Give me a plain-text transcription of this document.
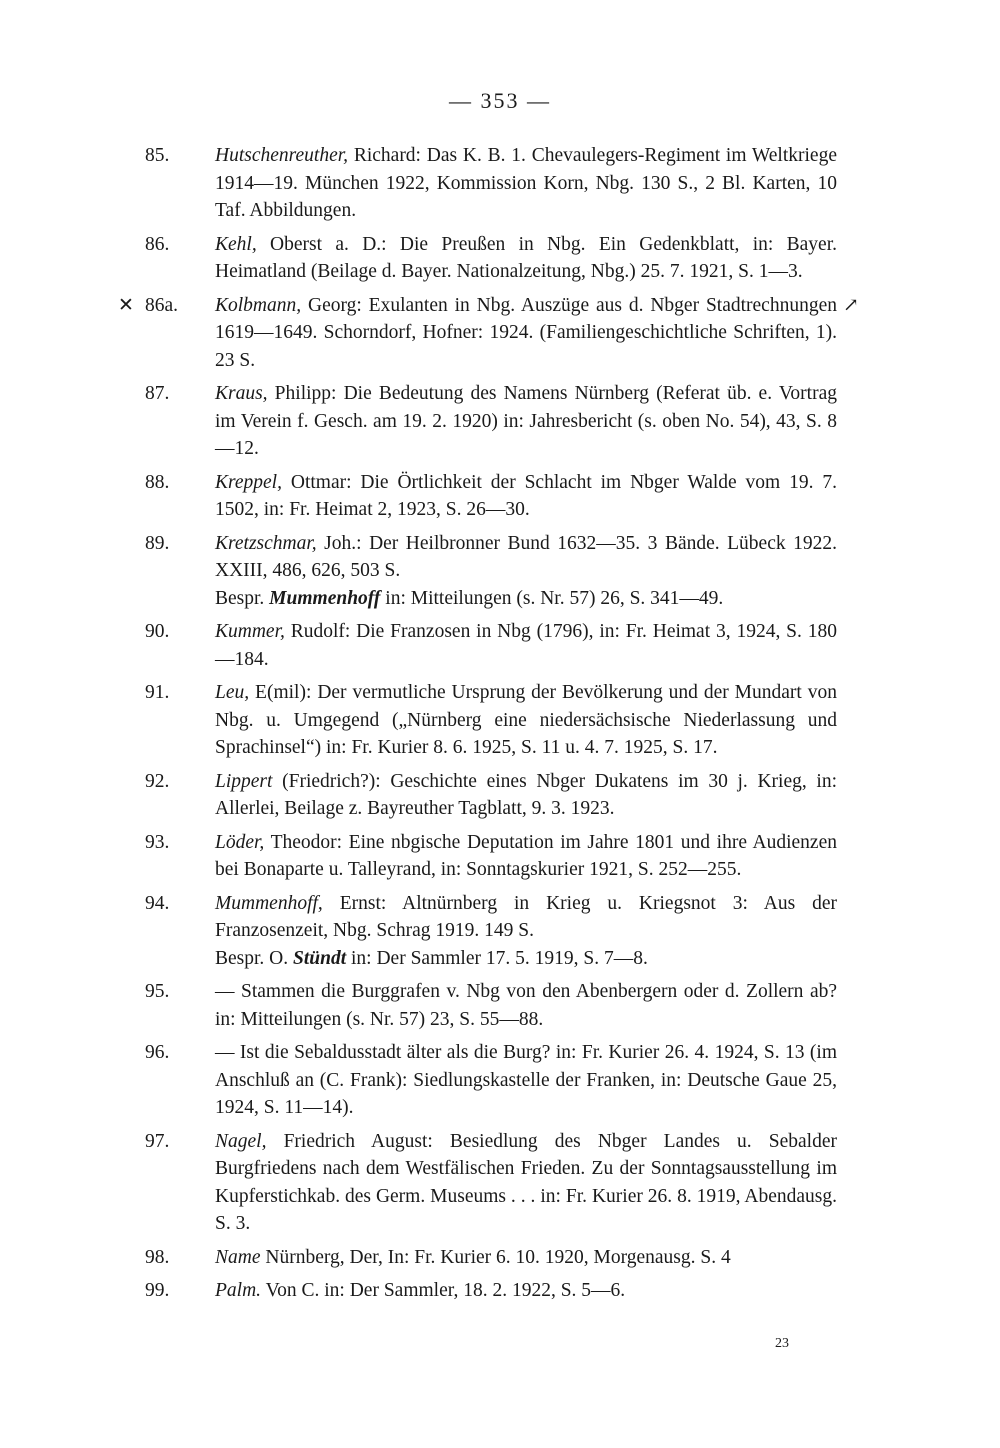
— 353 —
85. Hutschenreuther, Richard: Das K. B. 1. Chevaulegers-Regiment im Weltkriege 1914—19. München 1922, Kommission Korn, Nbg. 130 S., 2 Bl. Karten, 10 Taf. Abbildungen.
86. Kehl, Oberst a. D.: Die Preußen in Nbg. Ein Gedenkblatt, in: Bayer. Heimatland (Beilage d. Bayer. Nationalzeitung, Nbg.) 25. 7. 1921, S. 1—3.
✕ 86a.	↗
Kolbmann, Georg: Exulanten in Nbg. Auszüge aus d. Nbger Stadtrechnungen 1619—1649. Schorndorf, Hofner: 1924. (Familiengeschichtliche Schriften, 1). 23 S.
87. Kraus, Philipp: Die Bedeutung des Namens Nürnberg (Referat üb. e. Vortrag im Verein f. Gesch. am 19. 2. 1920) in: Jahresbericht (s. oben No. 54), 43, S. 8—12.
88. Kreppel, Ottmar: Die Örtlichkeit der Schlacht im Nbger Walde vom 19. 7. 1502, in: Fr. Heimat 2, 1923, S. 26—30.
89. Kretzschmar, Joh.: Der Heilbronner Bund 1632—35. 3 Bände. Lübeck 1922. XXIII, 486, 626, 503 S.
Bespr. Mummenhoff in: Mitteilungen (s. Nr. 57) 26, S. 341—49.
90. Kummer, Rudolf: Die Franzosen in Nbg (1796), in: Fr. Heimat 3, 1924, S. 180—184.
91. Leu, E(mil): Der vermutliche Ursprung der Bevölkerung und der Mundart von Nbg. u. Umgegend („Nürnberg eine niedersächsische Niederlassung und Sprachinsel“) in: Fr. Kurier 8. 6. 1925, S. 11 u. 4. 7. 1925, S. 17.
92. Lippert (Friedrich?): Geschichte eines Nbger Dukatens im 30 j. Krieg, in: Allerlei, Beilage z. Bayreuther Tagblatt, 9. 3. 1923.
93. Löder, Theodor: Eine nbgische Deputation im Jahre 1801 und ihre Audienzen bei Bonaparte u. Talleyrand, in: Sonntagskurier 1921, S. 252—255.
94. Mummenhoff, Ernst: Altnürnberg in Krieg u. Kriegsnot 3: Aus der Franzosenzeit, Nbg. Schrag 1919. 149 S.
Bespr. O. Stündt in: Der Sammler 17. 5. 1919, S. 7—8.
95. — Stammen die Burggrafen v. Nbg von den Abenbergern oder d. Zollern ab? in: Mitteilungen (s. Nr. 57) 23, S. 55—88.
96. — Ist die Sebaldusstadt älter als die Burg? in: Fr. Kurier 26. 4. 1924, S. 13 (im Anschluß an (C. Frank): Siedlungskastelle der Franken, in: Deutsche Gaue 25, 1924, S. 11—14).
97. Nagel, Friedrich August: Besiedlung des Nbger Landes u. Sebalder Burgfriedens nach dem Westfälischen Frieden. Zu der Sonntagsausstellung im Kupferstichkab. des Germ. Museums . . . in: Fr. Kurier 26. 8. 1919, Abendausg. S. 3.
98. Name Nürnberg, Der, In: Fr. Kurier 6. 10. 1920, Morgenausg. S. 4
99. Palm. Von C. in: Der Sammler, 18. 2. 1922, S. 5—6.
23
